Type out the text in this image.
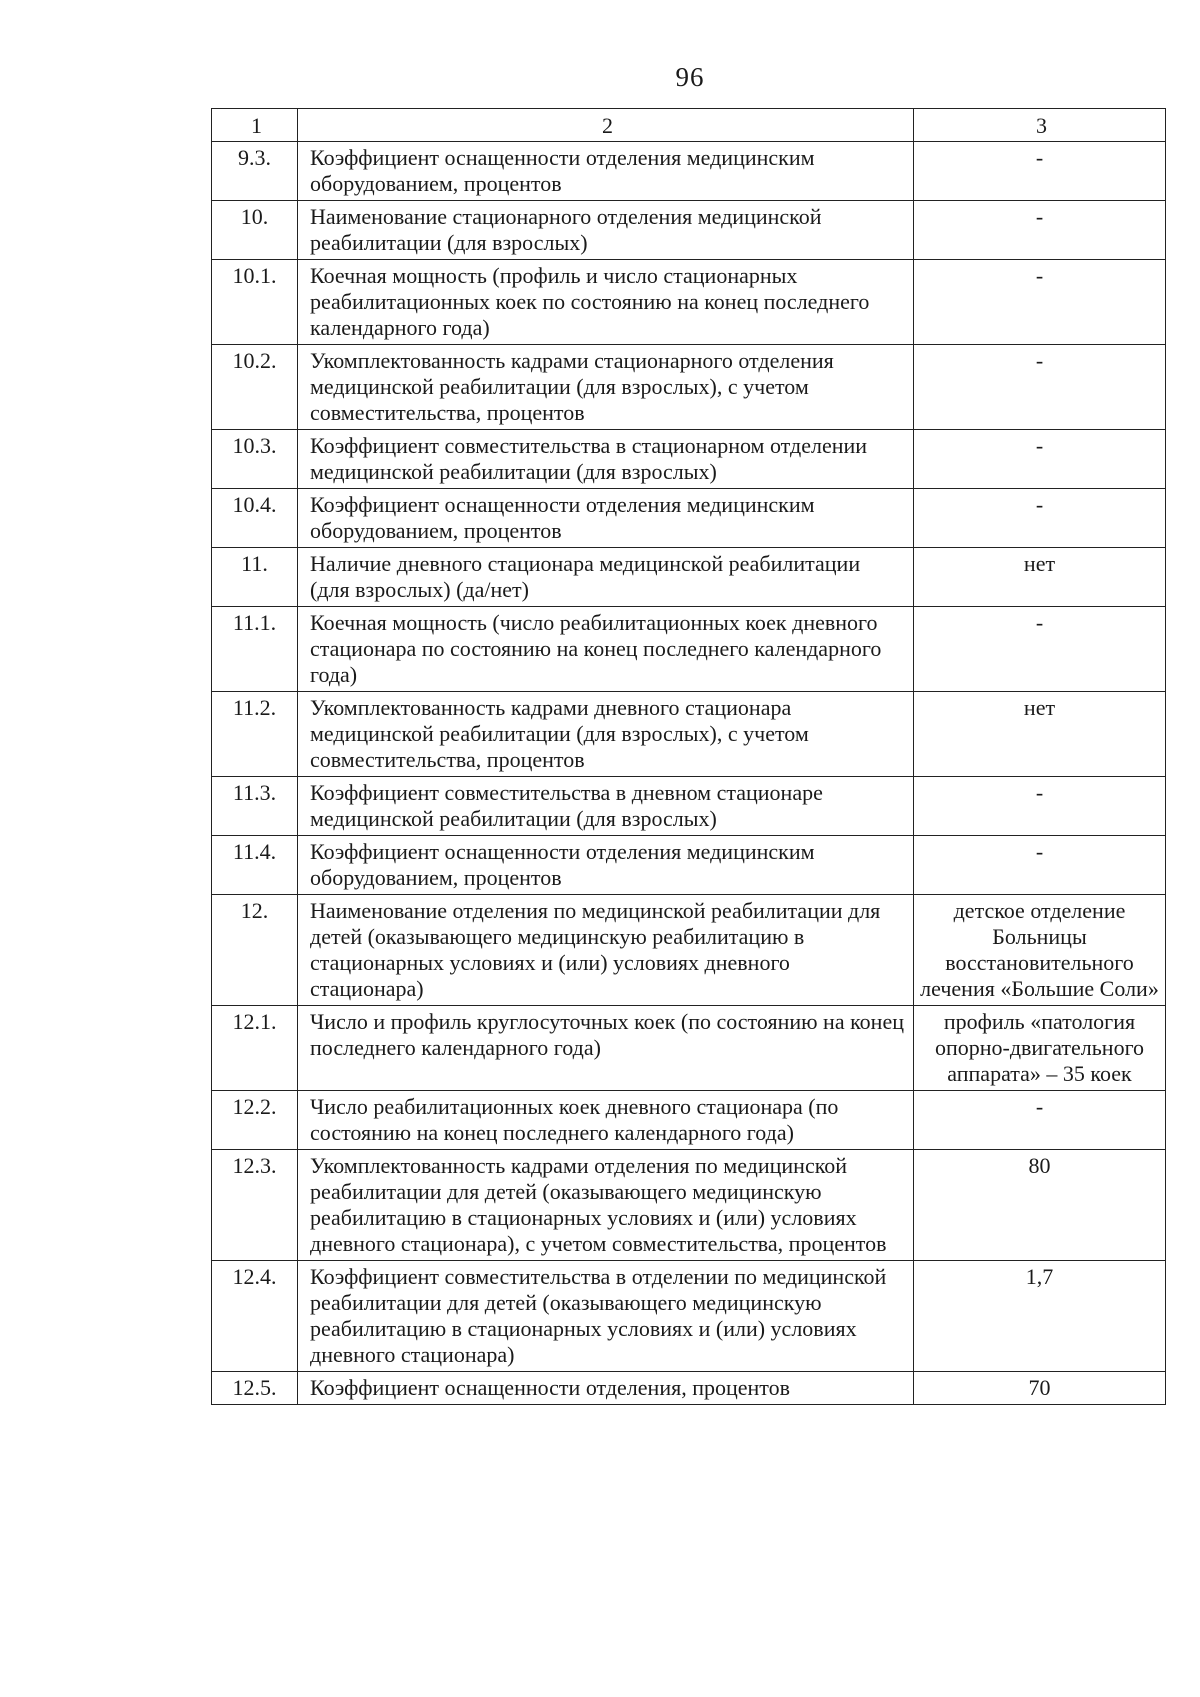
96
1	2	3
9.3.	Коэффициент оснащенности отделения медицинским оборудованием, процентов	-
10.	Наименование стационарного отделения медицинской реабилитации (для взрослых)	-
10.1.	Коечная мощность (профиль и число стационарных реабилитационных коек по состоянию на конец последнего календарного года)	-
10.2.	Укомплектованность кадрами стационарного отделения медицинской реабилитации (для взрослых), с учетом совместительства, процентов	-
10.3.	Коэффициент совместительства в стационарном отделении медицинской реабилитации (для взрослых)	-
10.4.	Коэффициент оснащенности отделения медицинским оборудованием, процентов	-
11.	Наличие дневного стационара медицинской реабилитации (для взрослых) (да/нет)	нет
11.1.	Коечная мощность (число реабилитационных коек дневного стационара по состоянию на конец последнего календарного года)	-
11.2.	Укомплектованность кадрами дневного стационара медицинской реабилитации (для взрослых), с учетом совместительства, процентов	нет
11.3.	Коэффициент совместительства в дневном стационаре медицинской реабилитации (для взрослых)	-
11.4.	Коэффициент оснащенности отделения медицинским оборудованием, процентов	-
12.	Наименование отделения по медицинской реабилитации для детей (оказывающего медицинскую реабилитацию в стационарных условиях и (или) условиях дневного стационара)	детское отделение Больницы восстановительного лечения «Большие Соли»
12.1.	Число и профиль круглосуточных коек (по состоянию на конец последнего календарного года)	профиль «патология опорно-двигательного аппарата» – 35 коек
12.2.	Число реабилитационных коек дневного стационара (по состоянию на конец последнего календарного года)	-
12.3.	Укомплектованность кадрами отделения по медицинской реабилитации для детей (оказывающего медицинскую реабилитацию в стационарных условиях и (или) условиях дневного стационара), с учетом совместительства, процентов	80
12.4.	Коэффициент совместительства в отделении по медицинской реабилитации для детей (оказывающего медицинскую реабилитацию в стационарных условиях и (или) условиях дневного стационара)	1,7
12.5.	Коэффициент оснащенности отделения, процентов	70
